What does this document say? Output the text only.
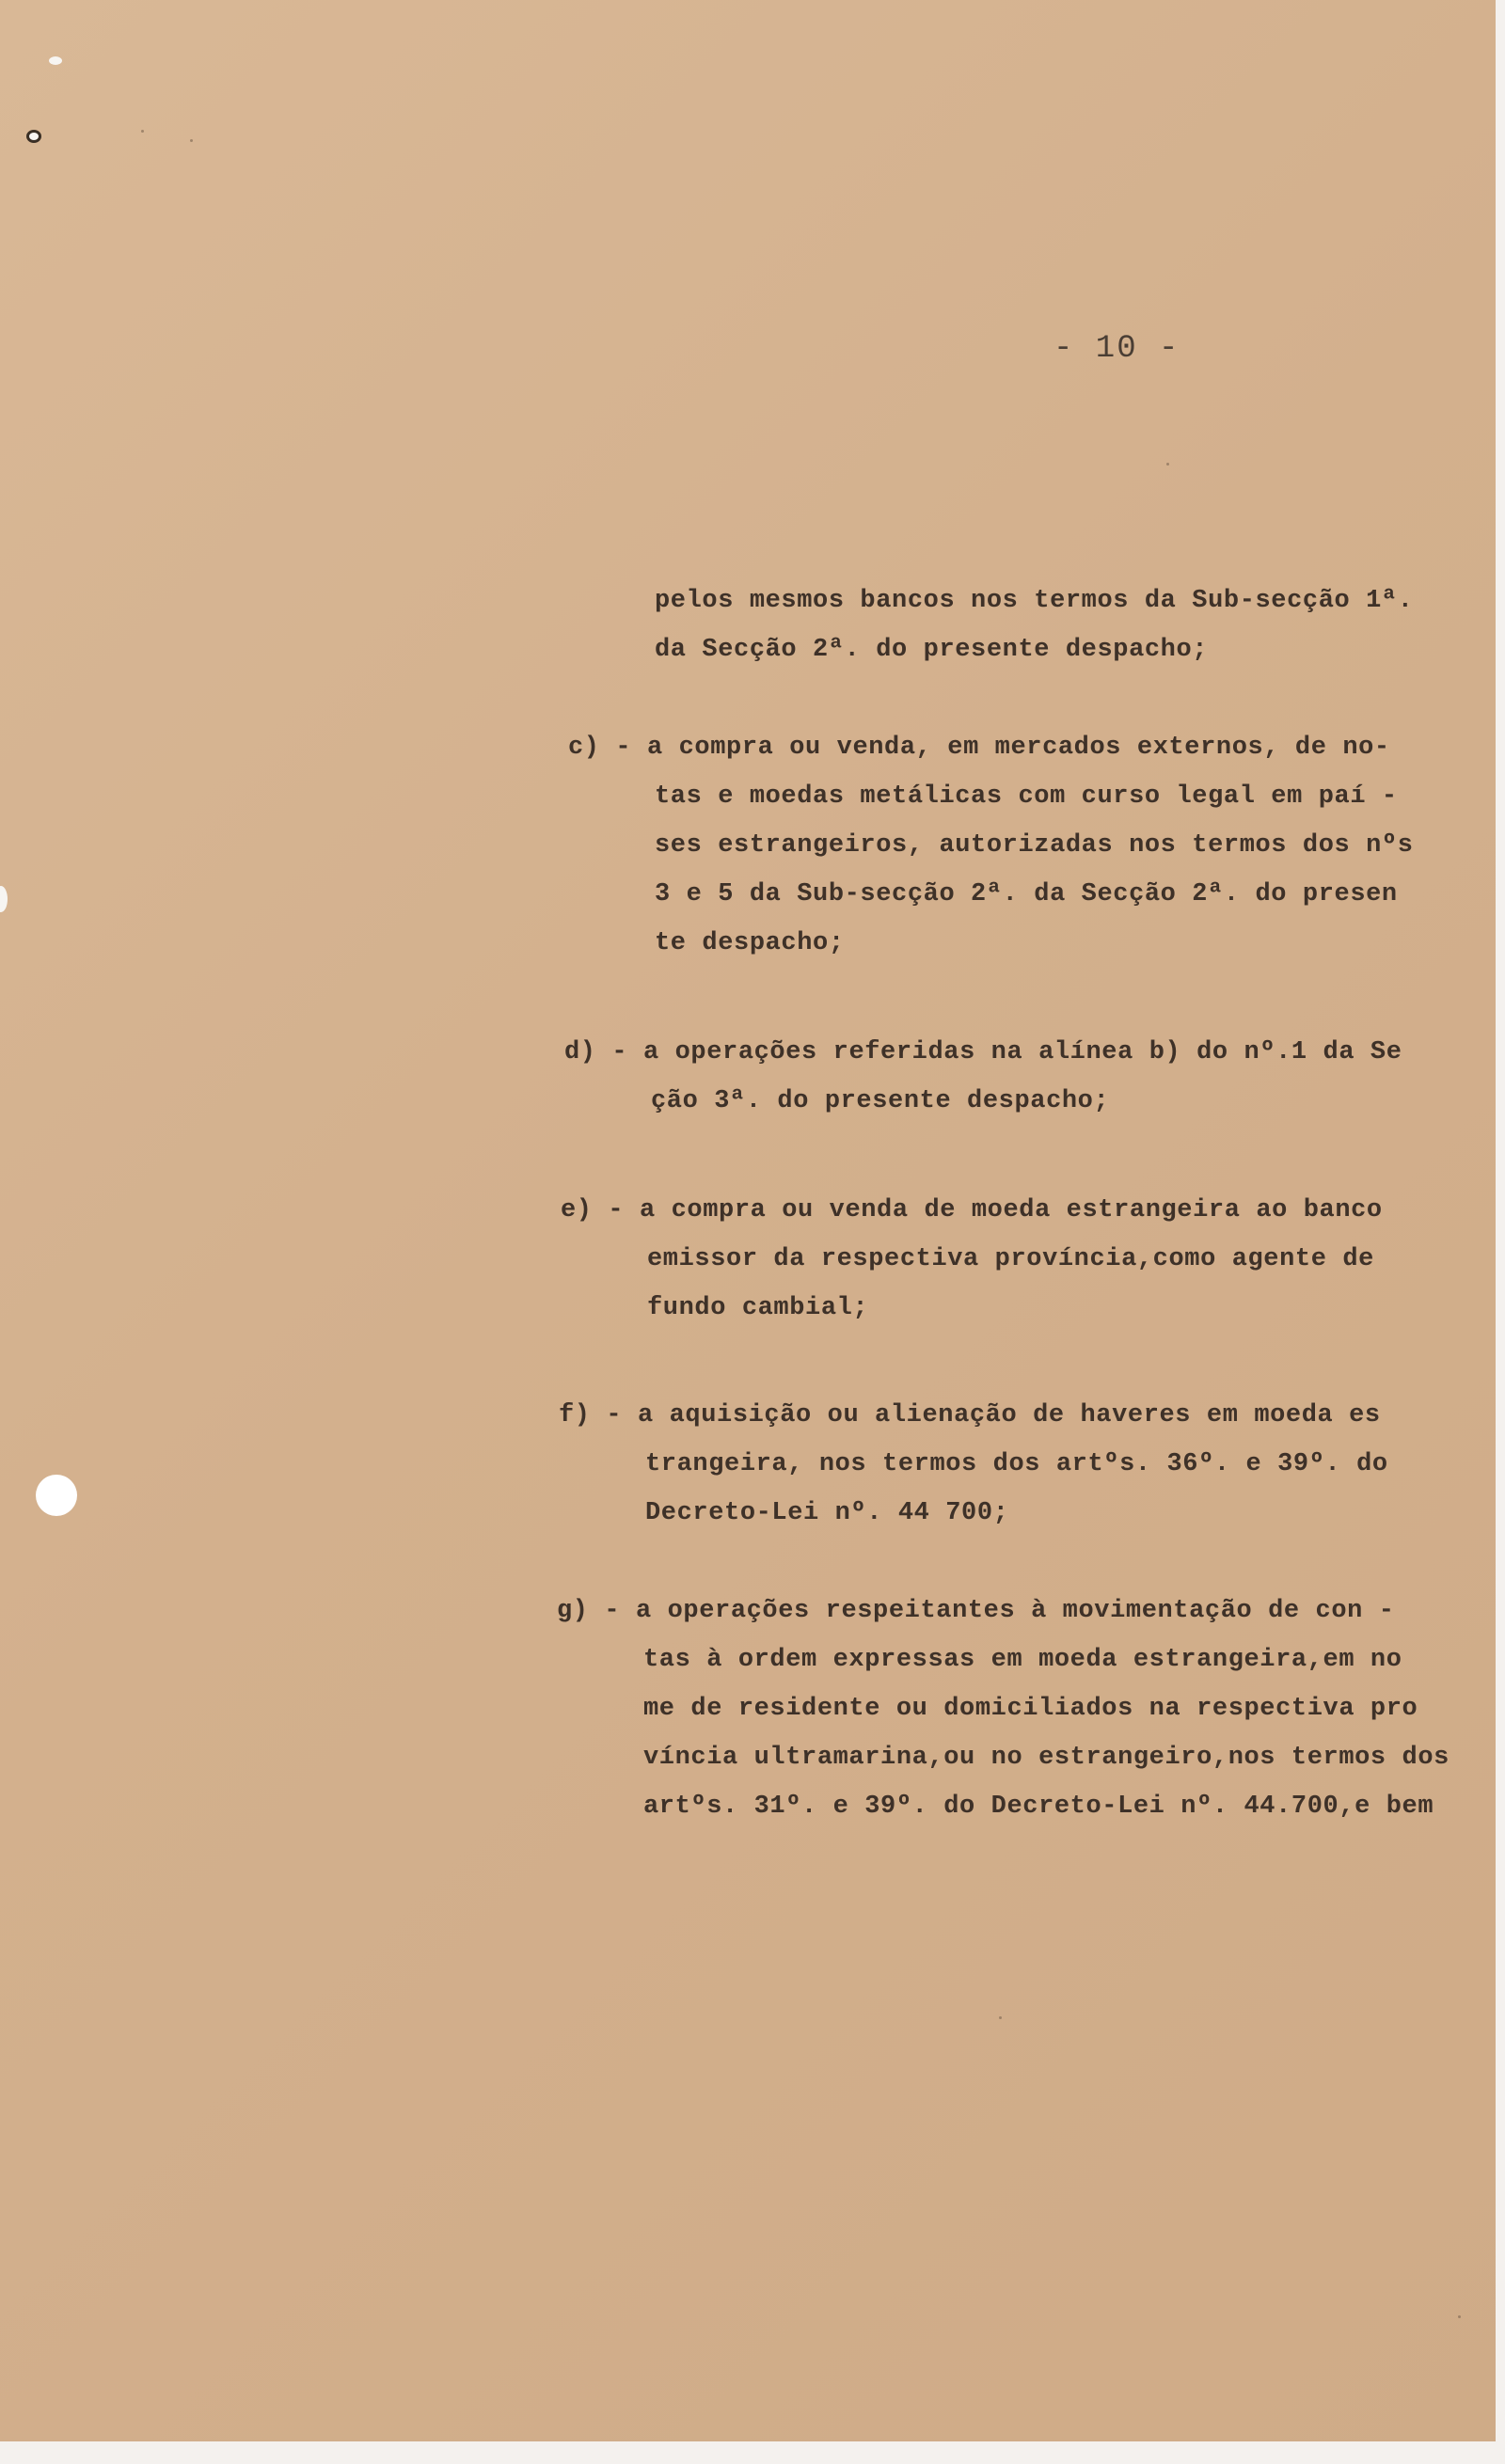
- 10 -
pelos mesmos bancos nos termos da Sub-secção 1ª.
da Secção 2ª. do presente despacho;
c) - a compra ou venda, em mercados externos, de no-
tas e moedas metálicas com curso legal em paí -
ses estrangeiros, autorizadas nos termos dos nºs
3 e 5 da Sub-secção 2ª. da Secção 2ª. do presen
te despacho;
d) - a operações referidas na alínea b) do nº.1 da Se
ção 3ª. do presente despacho;
e) - a compra ou venda de moeda estrangeira ao banco
emissor da respectiva província,como agente de
fundo cambial;
f) - a aquisição ou alienação de haveres em moeda es
trangeira, nos termos dos artºs. 36º. e 39º. do
Decreto-Lei nº. 44 700;
g) - a operações respeitantes à movimentação de con -
tas à ordem expressas em moeda estrangeira,em no
me de residente ou domiciliados na respectiva pro
víncia ultramarina,ou no estrangeiro,nos termos dos
artºs. 31º. e 39º. do Decreto-Lei nº. 44.700,e bem
